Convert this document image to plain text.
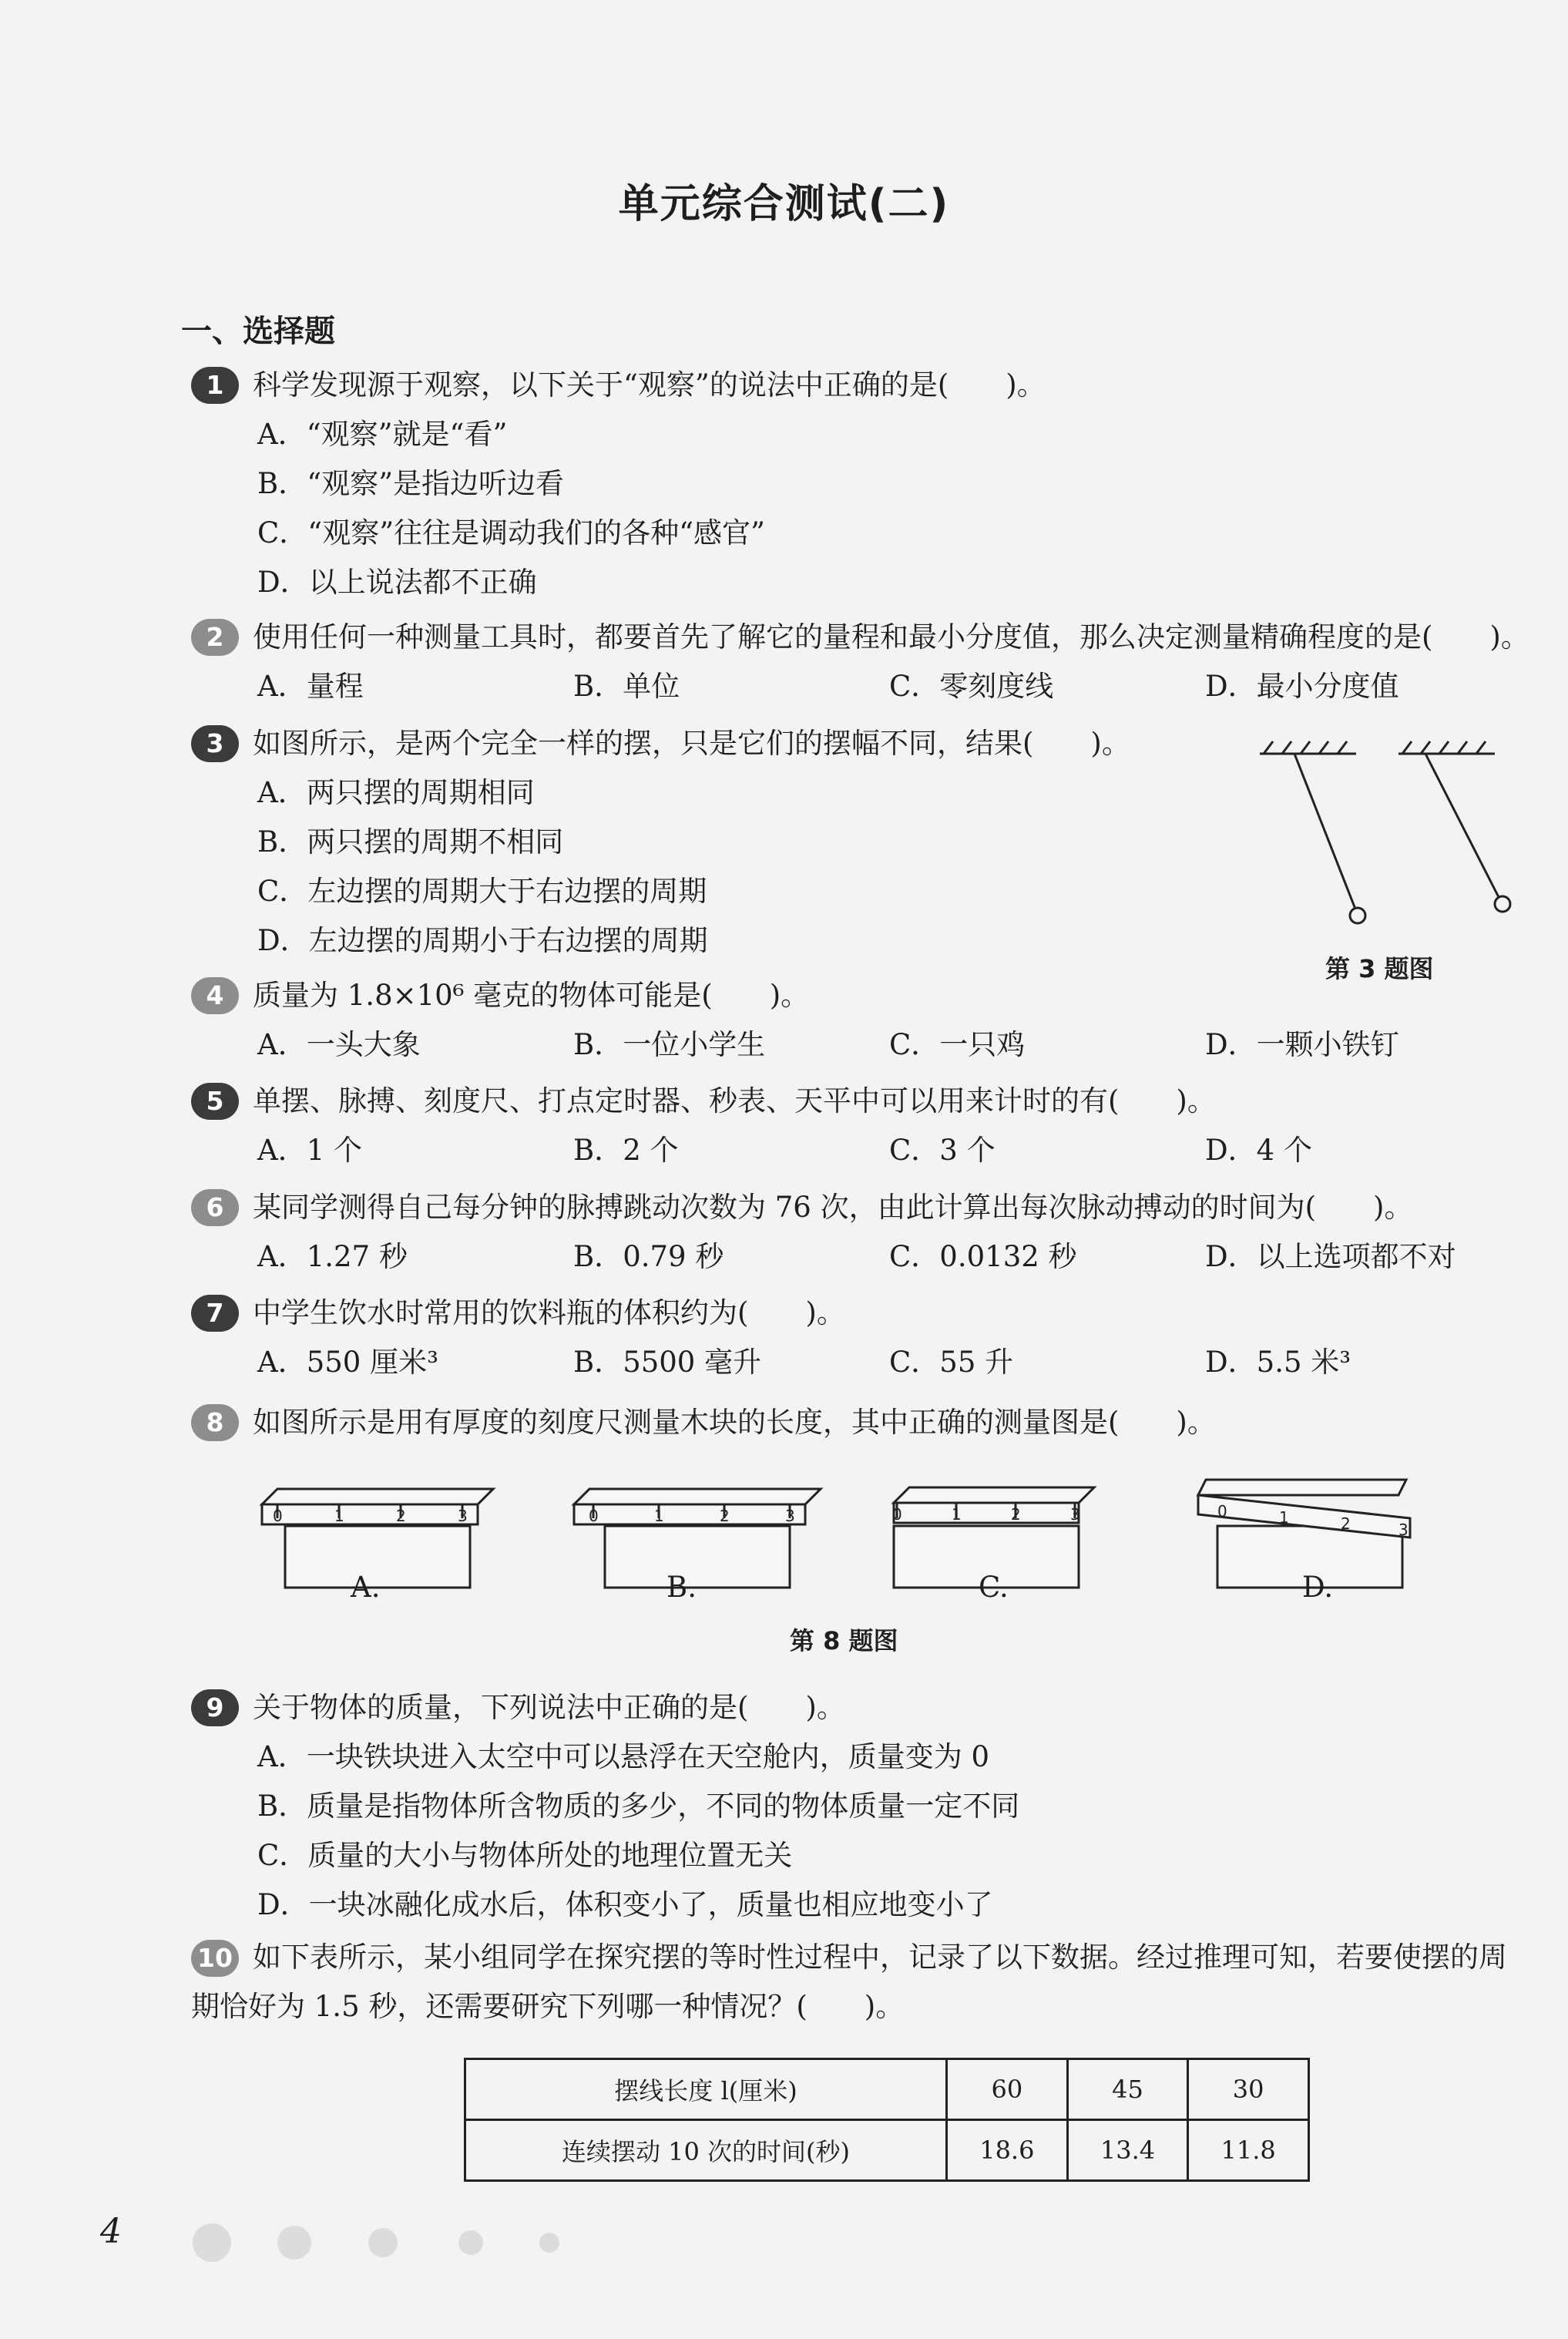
单元综合测试(二)
一、选择题
1	科学发现源于观察，以下关于“观察”的说法中正确的是(　　)。
A．“观察”就是“看”
B．“观察”是指边听边看
C．“观察”往往是调动我们的各种“感官”
D．以上说法都不正确
2	使用任何一种测量工具时，都要首先了解它的量程和最小分度值，那么决定测量精确程度的是(　　)。
A．量程	B．单位	C．零刻度线	D．最小分度值
3	如图所示，是两个完全一样的摆，只是它们的摆幅不同，结果(　　)。
A．两只摆的周期相同
B．两只摆的周期不相同
C．左边摆的周期大于右边摆的周期
D．左边摆的周期小于右边摆的周期
第 3 题图
4	质量为 1.8×10⁶ 毫克的物体可能是(　　)。
A．一头大象	B．一位小学生	C．一只鸡	D．一颗小铁钉
5	单摆、脉搏、刻度尺、打点定时器、秒表、天平中可以用来计时的有(　　)。
A．1 个	B．2 个	C．3 个	D．4 个
6	某同学测得自己每分钟的脉搏跳动次数为 76 次，由此计算出每次脉动搏动的时间为(　　)。
A．1.27 秒	B．0.79 秒	C．0.0132 秒	D．以上选项都不对
7	中学生饮水时常用的饮料瓶的体积约为(　　)。
A．550 厘米³	B．5500 毫升	C．55 升	D．5.5 米³
8	如图所示是用有厚度的刻度尺测量木块的长度，其中正确的测量图是(　　)。
0	1	2	3	0	1	2	3	0	1	2	3	0	1	2	3
A.	B.	C.	D.
第 8 题图
9	关于物体的质量，下列说法中正确的是(　　)。
A．一块铁块进入太空中可以悬浮在天空舱内，质量变为 0
B．质量是指物体所含物质的多少，不同的物体质量一定不同
C．质量的大小与物体所处的地理位置无关
D．一块冰融化成水后，体积变小了，质量也相应地变小了
10 如下表所示，某小组同学在探究摆的等时性过程中，记录了以下数据。经过推理可知，若要使摆的周期恰好为 1.5 秒，还需要研究下列哪一种情况？(　　)。
摆线长度 l(厘米)	60	45	30
连续摆动 10 次的时间(秒)	18.6	13.4	11.8
4
